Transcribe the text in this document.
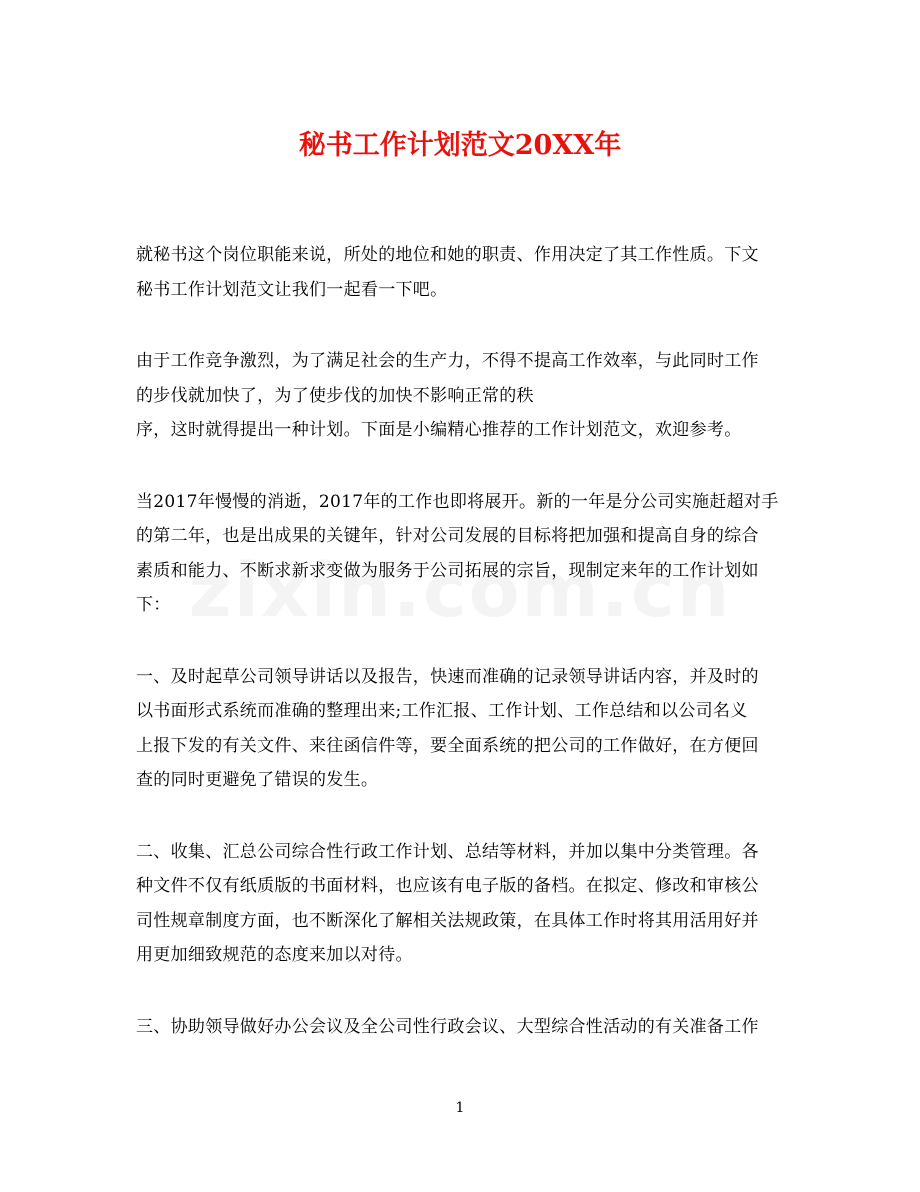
秘书工作计划范文20XX年

就秘书这个岗位职能来说，所处的地位和她的职责、作用决定了其工作性质。下文
秘书工作计划范文让我们一起看一下吧。

由于工作竞争激烈，为了满足社会的生产力，不得不提高工作效率，与此同时工作
的步伐就加快了，为了使步伐的加快不影响正常的秩
序，这时就得提出一种计划。下面是小编精心推荐的工作计划范文，欢迎参考。

当2017年慢慢的消逝，2017年的工作也即将展开。新的一年是分公司实施赶超对手
的第二年，也是出成果的关键年，针对公司发展的目标将把加强和提高自身的综合
素质和能力、不断求新求变做为服务于公司拓展的宗旨，现制定来年的工作计划如
下：

一、及时起草公司领导讲话以及报告，快速而准确的记录领导讲话内容，并及时的
以书面形式系统而准确的整理出来;工作汇报、工作计划、工作总结和以公司名义
上报下发的有关文件、来往函信件等，要全面系统的把公司的工作做好，在方便回
查的同时更避免了错误的发生。

二、收集、汇总公司综合性行政工作计划、总结等材料，并加以集中分类管理。各
种文件不仅有纸质版的书面材料，也应该有电子版的备档。在拟定、修改和审核公
司性规章制度方面，也不断深化了解相关法规政策，在具体工作时将其用活用好并
用更加细致规范的态度来加以对待。

三、协助领导做好办公会议及全公司性行政会议、大型综合性活动的有关准备工作

1
